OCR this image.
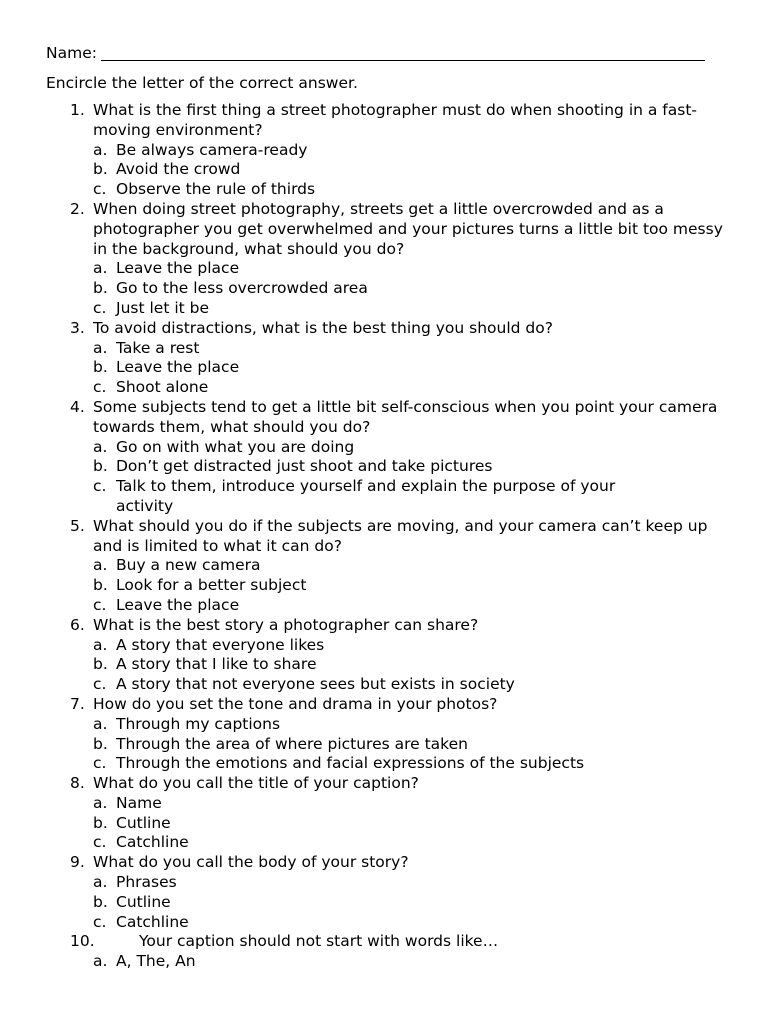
Name:
Encircle the letter of the correct answer.
1. What is the first thing a street photographer must do when shooting in a fast-moving environment?
a. Be always camera-ready
b. Avoid the crowd
c. Observe the rule of thirds
2. When doing street photography, streets get a little overcrowded and as a photographer you get overwhelmed and your pictures turns a little bit too messy in the background, what should you do?
a. Leave the place
b. Go to the less overcrowded area
c. Just let it be
3. To avoid distractions, what is the best thing you should do?
a. Take a rest
b. Leave the place
c. Shoot alone
4. Some subjects tend to get a little bit self-conscious when you point your camera towards them, what should you do?
a. Go on with what you are doing
b. Don’t get distracted just shoot and take pictures
c. Talk to them, introduce yourself and explain the purpose of your activity
5. What should you do if the subjects are moving, and your camera can’t keep up and is limited to what it can do?
a. Buy a new camera
b. Look for a better subject
c. Leave the place
6. What is the best story a photographer can share?
a. A story that everyone likes
b. A story that I like to share
c. A story that not everyone sees but exists in society
7. How do you set the tone and drama in your photos?
a. Through my captions
b. Through the area of where pictures are taken
c. Through the emotions and facial expressions of the subjects
8. What do you call the title of your caption?
a. Name
b. Cutline
c. Catchline
9. What do you call the body of your story?
a. Phrases
b. Cutline
c. Catchline
10.	Your caption should not start with words like…
a. A, The, An
